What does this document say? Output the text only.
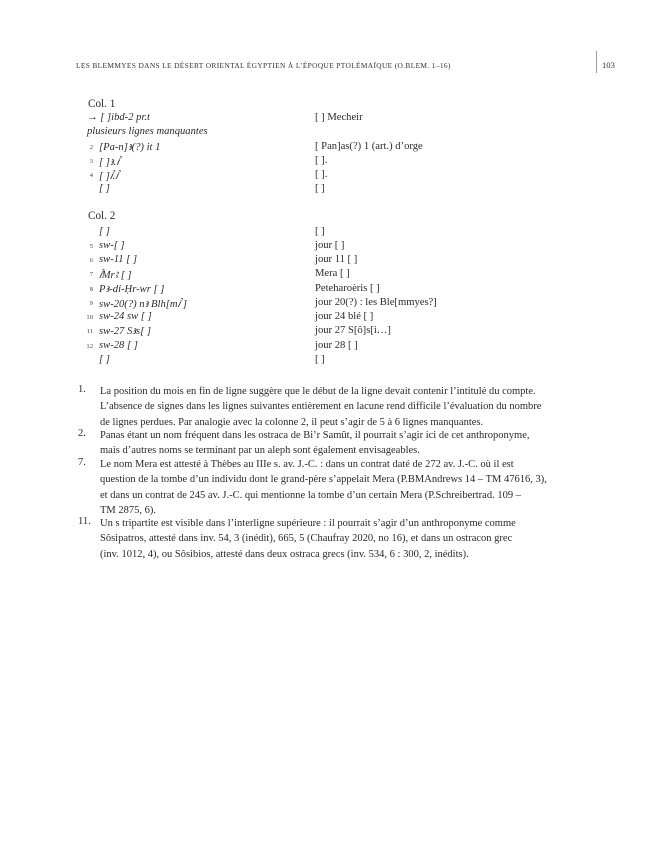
LES BLEMMYES DANS LE DÉSERT ORIENTAL ÉGYPTIEN À L’ÉPOQUE PTOLÉMAÏQUE (O.BLEM. 1–16)	103
Col. 1
→ [ ]ibd-2 pr.t	[ ] Mecheir
plusieurs lignes manquantes
2 [Pa-n]ꜣ(?) it 1	[ Pan]as(?) 1 (art.) d’orge
3 [ ]ꜣ.ꞽ	[ ].
4 [ ]ꞽ.ꞽ	[ ].
[ ]	[ ]
Col. 2
[ ]	[ ]
5 sw-[ ]	jour [ ]
6 sw-11 [ ]	jour 11 [ ]
7 ꞽMrꜣ [ ]	Mera [ ]
8 Pꜣ-dỉ-Ḥr-wr [ ]	Peteharoèris [ ]
9 sw-20(?) nꜣ Blh[mꞽ ]	jour 20(?) : les Ble[mmyes?]
10 sw-24 sw [ ]	jour 24 blé [ ]
11 sw-27 Sꜣs[ ]	jour 27 S[ô]s[i…]
12 sw-28 [ ]	jour 28 [ ]
[ ]	[ ]
1. La position du mois en fin de ligne suggère que le début de la ligne devait contenir l’intitulé du compte.
L’absence de signes dans les lignes suivantes entièrement en lacune rend difficile l’évaluation du nombre
de lignes perdues. Par analogie avec la colonne 2, il peut s’agir de 5 à 6 lignes manquantes.
2. Panas étant un nom fréquent dans les ostraca de Bi’r Samût, il pourrait s’agir ici de cet anthroponyme,
mais d’autres noms se terminant par un aleph sont également envisageables.
7. Le nom Mera est attesté à Thèbes au IIIe s. av. J.-C. : dans un contrat daté de 272 av. J.-C. où il est
question de la tombe d’un individu dont le grand-père s’appelait Mera (P.BMAndrews 14 – TM 47616, 3),
et dans un contrat de 245 av. J.-C. qui mentionne la tombe d’un certain Mera (P.Schreibertrad. 109 –
TM 2875, 6).
11. Un s tripartite est visible dans l’interligne supérieure : il pourrait s’agir d’un anthroponyme comme
Sôsipatros, attesté dans inv. 54, 3 (inédit), 665, 5 (Chaufray 2020, no 16), et dans un ostracon grec
(inv. 1012, 4), ou Sôsibios, attesté dans deux ostraca grecs (inv. 534, 6 : 300, 2, inédits).
